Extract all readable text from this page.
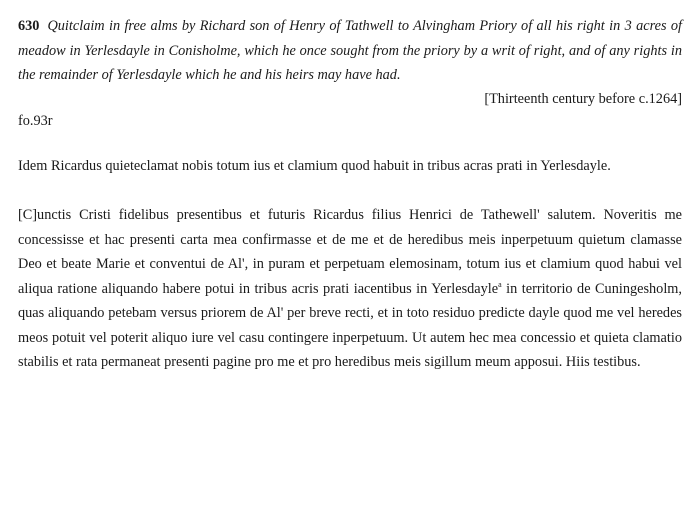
630 Quitclaim in free alms by Richard son of Henry of Tathwell to Alvingham Priory of all his right in 3 acres of meadow in Yerlesdayle in Conisholme, which he once sought from the priory by a writ of right, and of any rights in the remainder of Yerlesdayle which he and his heirs may have had.
[Thirteenth century before c.1264]
fo.93r

Idem Ricardus quieteclamat nobis totum ius et clamium quod habuit in tribus acras prati in Yerlesdayle.

[C]unctis Cristi fidelibus presentibus et futuris Ricardus filius Henrici de Tathewell' salutem. Noveritis me concessisse et hac presenti carta mea confirmasse et de me et de heredibus meis inperpetuum quietum clamasse Deo et beate Marie et conventui de Al', in puram et perpetuam elemosinam, totum ius et clamium quod habui vel aliqua ratione aliquando habere potui in tribus acris prati iacentibus in Yerlesdayle$^a$ in territorio de Cuningesholm, quas aliquando petebam versus priorem de Al' per breve recti, et in toto residuo predicte dayle quod me vel heredes meos potuit vel poterit aliquo iure vel casu contingere inperpetuum. Ut autem hec mea concessio et quieta clamatio stabilis et rata permaneat presenti pagine pro me et pro heredibus meis sigillum meum apposui. Hiis testibus.
